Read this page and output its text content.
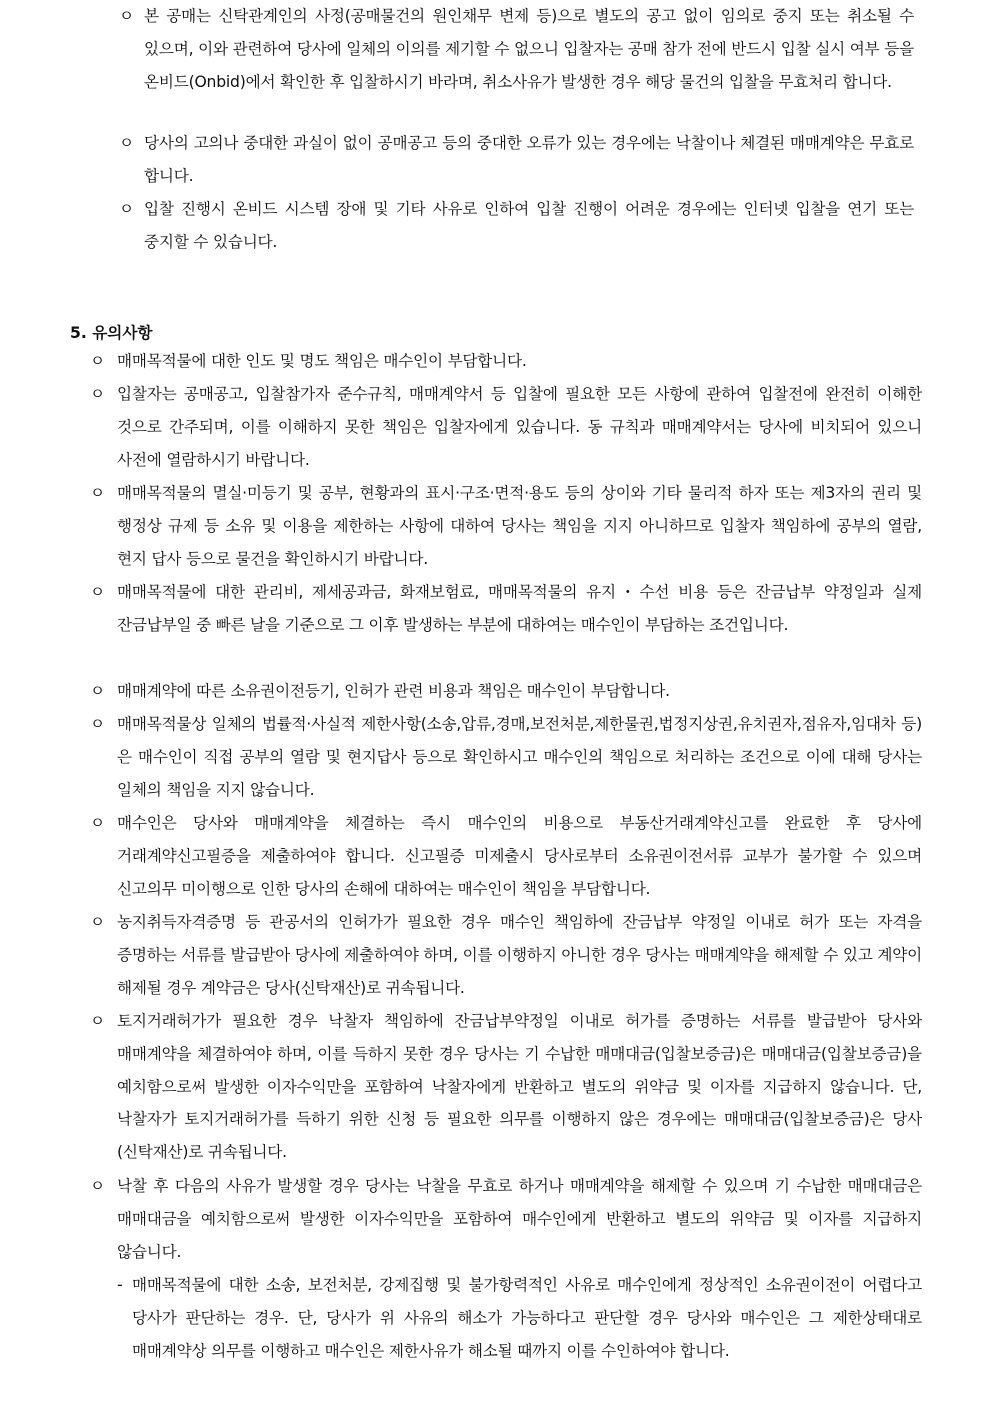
ㅇ 본 공매는 신탁관계인의 사정(공매물건의 원인채무 변제 등)으로 별도의 공고 없이 임의로 중지 또는 취소될 수 있으며, 이와 관련하여 당사에 일체의 이의를 제기할 수 없으니 입찰자는 공매 참가 전에 반드시 입찰 실시 여부 등을 온비드(Onbid)에서 확인한 후 입찰하시기 바라며, 취소사유가 발생한 경우 해당 물건의 입찰을 무효처리 합니다.

ㅇ 당사의 고의나 중대한 과실이 없이 공매공고 등의 중대한 오류가 있는 경우에는 낙찰이나 체결된 매매계약은 무효로 합니다.

ㅇ 입찰 진행시 온비드 시스템 장애 및 기타 사유로 인하여 입찰 진행이 어려운 경우에는 인터넷 입찰을 연기 또는 중지할 수 있습니다.

5. 유의사항

ㅇ 매매목적물에 대한 인도 및 명도 책임은 매수인이 부담합니다.

ㅇ 입찰자는 공매공고, 입찰참가자 준수규칙, 매매계약서 등 입찰에 필요한 모든 사항에 관하여 입찰전에 완전히 이해한 것으로 간주되며, 이를 이해하지 못한 책임은 입찰자에게 있습니다. 동 규칙과 매매계약서는 당사에 비치되어 있으니 사전에 열람하시기 바랍니다.

ㅇ 매매목적물의 멸실·미등기 및 공부, 현황과의 표시·구조·면적·용도 등의 상이와 기타 물리적 하자 또는 제3자의 권리 및 행정상 규제 등 소유 및 이용을 제한하는 사항에 대하여 당사는 책임을 지지 아니하므로 입찰자 책임하에 공부의 열람, 현지 답사 등으로 물건을 확인하시기 바랍니다.

ㅇ 매매목적물에 대한 관리비, 제세공과금, 화재보험료, 매매목적물의 유지・수선 비용 등은 잔금납부 약정일과 실제 잔금납부일 중 빠른 날을 기준으로 그 이후 발생하는 부분에 대하여는 매수인이 부담하는 조건입니다.

ㅇ 매매계약에 따른 소유권이전등기, 인허가 관련 비용과 책임은 매수인이 부담합니다.

ㅇ 매매목적물상 일체의 법률적·사실적 제한사항(소송,압류,경매,보전처분,제한물권,법정지상권,유치권자,점유자,임대차 등)은 매수인이 직접 공부의 열람 및 현지답사 등으로 확인하시고 매수인의 책임으로 처리하는 조건으로 이에 대해 당사는 일체의 책임을 지지 않습니다.

ㅇ 매수인은 당사와 매매계약을 체결하는 즉시 매수인의 비용으로 부동산거래계약신고를 완료한 후 당사에 거래계약신고필증을 제출하여야 합니다. 신고필증 미제출시 당사로부터 소유권이전서류 교부가 불가할 수 있으며 신고의무 미이행으로 인한 당사의 손해에 대하여는 매수인이 책임을 부담합니다.

ㅇ 농지취득자격증명 등 관공서의 인허가가 필요한 경우 매수인 책임하에 잔금납부 약정일 이내로 허가 또는 자격을 증명하는 서류를 발급받아 당사에 제출하여야 하며, 이를 이행하지 아니한 경우 당사는 매매계약을 해제할 수 있고 계약이 해제될 경우 계약금은 당사(신탁재산)로 귀속됩니다.

ㅇ 토지거래허가가 필요한 경우 낙찰자 책임하에 잔금납부약정일 이내로 허가를 증명하는 서류를 발급받아 당사와 매매계약을 체결하여야 하며, 이를 득하지 못한 경우 당사는 기 수납한 매매대금(입찰보증금)은 매매대금(입찰보증금)을 예치함으로써 발생한 이자수익만을 포함하여 낙찰자에게 반환하고 별도의 위약금 및 이자를 지급하지 않습니다. 단, 낙찰자가 토지거래허가를 득하기 위한 신청 등 필요한 의무를 이행하지 않은 경우에는 매매대금(입찰보증금)은 당사(신탁재산)로 귀속됩니다.

ㅇ 낙찰 후 다음의 사유가 발생할 경우 당사는 낙찰을 무효로 하거나 매매계약을 해제할 수 있으며 기 수납한 매매대금은 매매대금을 예치함으로써 발생한 이자수익만을 포함하여 매수인에게 반환하고 별도의 위약금 및 이자를 지급하지 않습니다.

- 매매목적물에 대한 소송, 보전처분, 강제집행 및 불가항력적인 사유로 매수인에게 정상적인 소유권이전이 어렵다고 당사가 판단하는 경우. 단, 당사가 위 사유의 해소가 가능하다고 판단할 경우 당사와 매수인은 그 제한상태대로 매매계약상 의무를 이행하고 매수인은 제한사유가 해소될 때까지 이를 수인하여야 합니다.
